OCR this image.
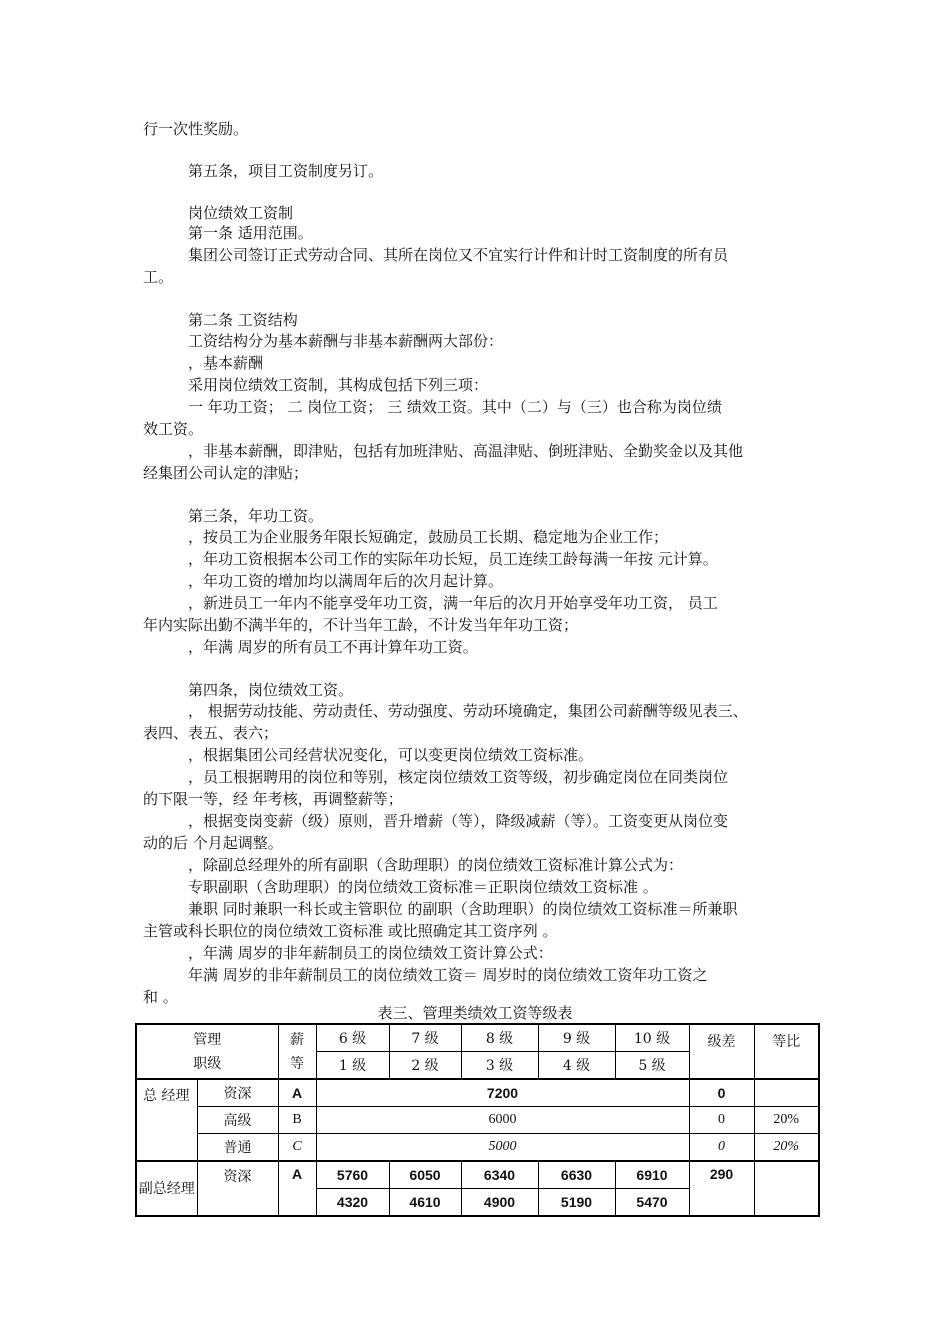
行一次性奖励。
第五条，项目工资制度另订。
岗位绩效工资制
第一条 适用范围。
集团公司签订正式劳动合同、其所在岗位又不宜实行计件和计时工资制度的所有员
工。
第二条 工资结构
工资结构分为基本薪酬与非基本薪酬两大部份：
，基本薪酬
采用岗位绩效工资制，其构成包括下列三项：
一 年功工资； 二 岗位工资； 三 绩效工资。其中（二）与（三）也合称为岗位绩
效工资。
，非基本薪酬，即津贴，包括有加班津贴、高温津贴、倒班津贴、全勤奖金以及其他
经集团公司认定的津贴；
第三条，年功工资。
，按员工为企业服务年限长短确定，鼓励员工长期、稳定地为企业工作；
，年功工资根据本公司工作的实际年功长短，员工连续工龄每满一年按 元计算。
，年功工资的增加均以满周年后的次月起计算。
，新进员工一年内不能享受年功工资，满一年后的次月开始享受年功工资， 员工
年内实际出勤不满半年的，不计当年工龄，不计发当年年功工资；
，年满 周岁的所有员工不再计算年功工资。
第四条，岗位绩效工资。
， 根据劳动技能、劳动责任、劳动强度、劳动环境确定，集团公司薪酬等级见表三、
表四、表五、表六；
，根据集团公司经营状况变化，可以变更岗位绩效工资标准。
，员工根据聘用的岗位和等别，核定岗位绩效工资等级，初步确定岗位在同类岗位
的下限一等，经 年考核，再调整薪等；
，根据变岗变薪（级）原则，晋升增薪（等），降级减薪（等）。工资变更从岗位变
动的后 个月起调整。
，除副总经理外的所有副职（含助理职）的岗位绩效工资标准计算公式为：
专职副职（含助理职）的岗位绩效工资标准＝正职岗位绩效工资标准 。
兼职 同时兼职一科长或主管职位 的副职（含助理职）的岗位绩效工资标准＝所兼职
主管或科长职位的岗位绩效工资标准 或比照确定其工资序列 。
，年满 周岁的非年薪制员工的岗位绩效工资计算公式：
年满 周岁的非年薪制员工的岗位绩效工资＝ 周岁时的岗位绩效工资年功工资之
和 。
表三、管理类绩效工资等级表
管理
职级		薪
等	6 级	7 级	8 级	9 级	10 级	级差	等比
			1 级	2 级	3 级	4 级	5 级		
总 经理	资深	A	7200					0	
	高级	B	6000					0	20%
	普通	C	5000					0	20%
副总经理	资深	A	5760	6050	6340	6630	6910	290	
			4320	4610	4900	5190	5470		
